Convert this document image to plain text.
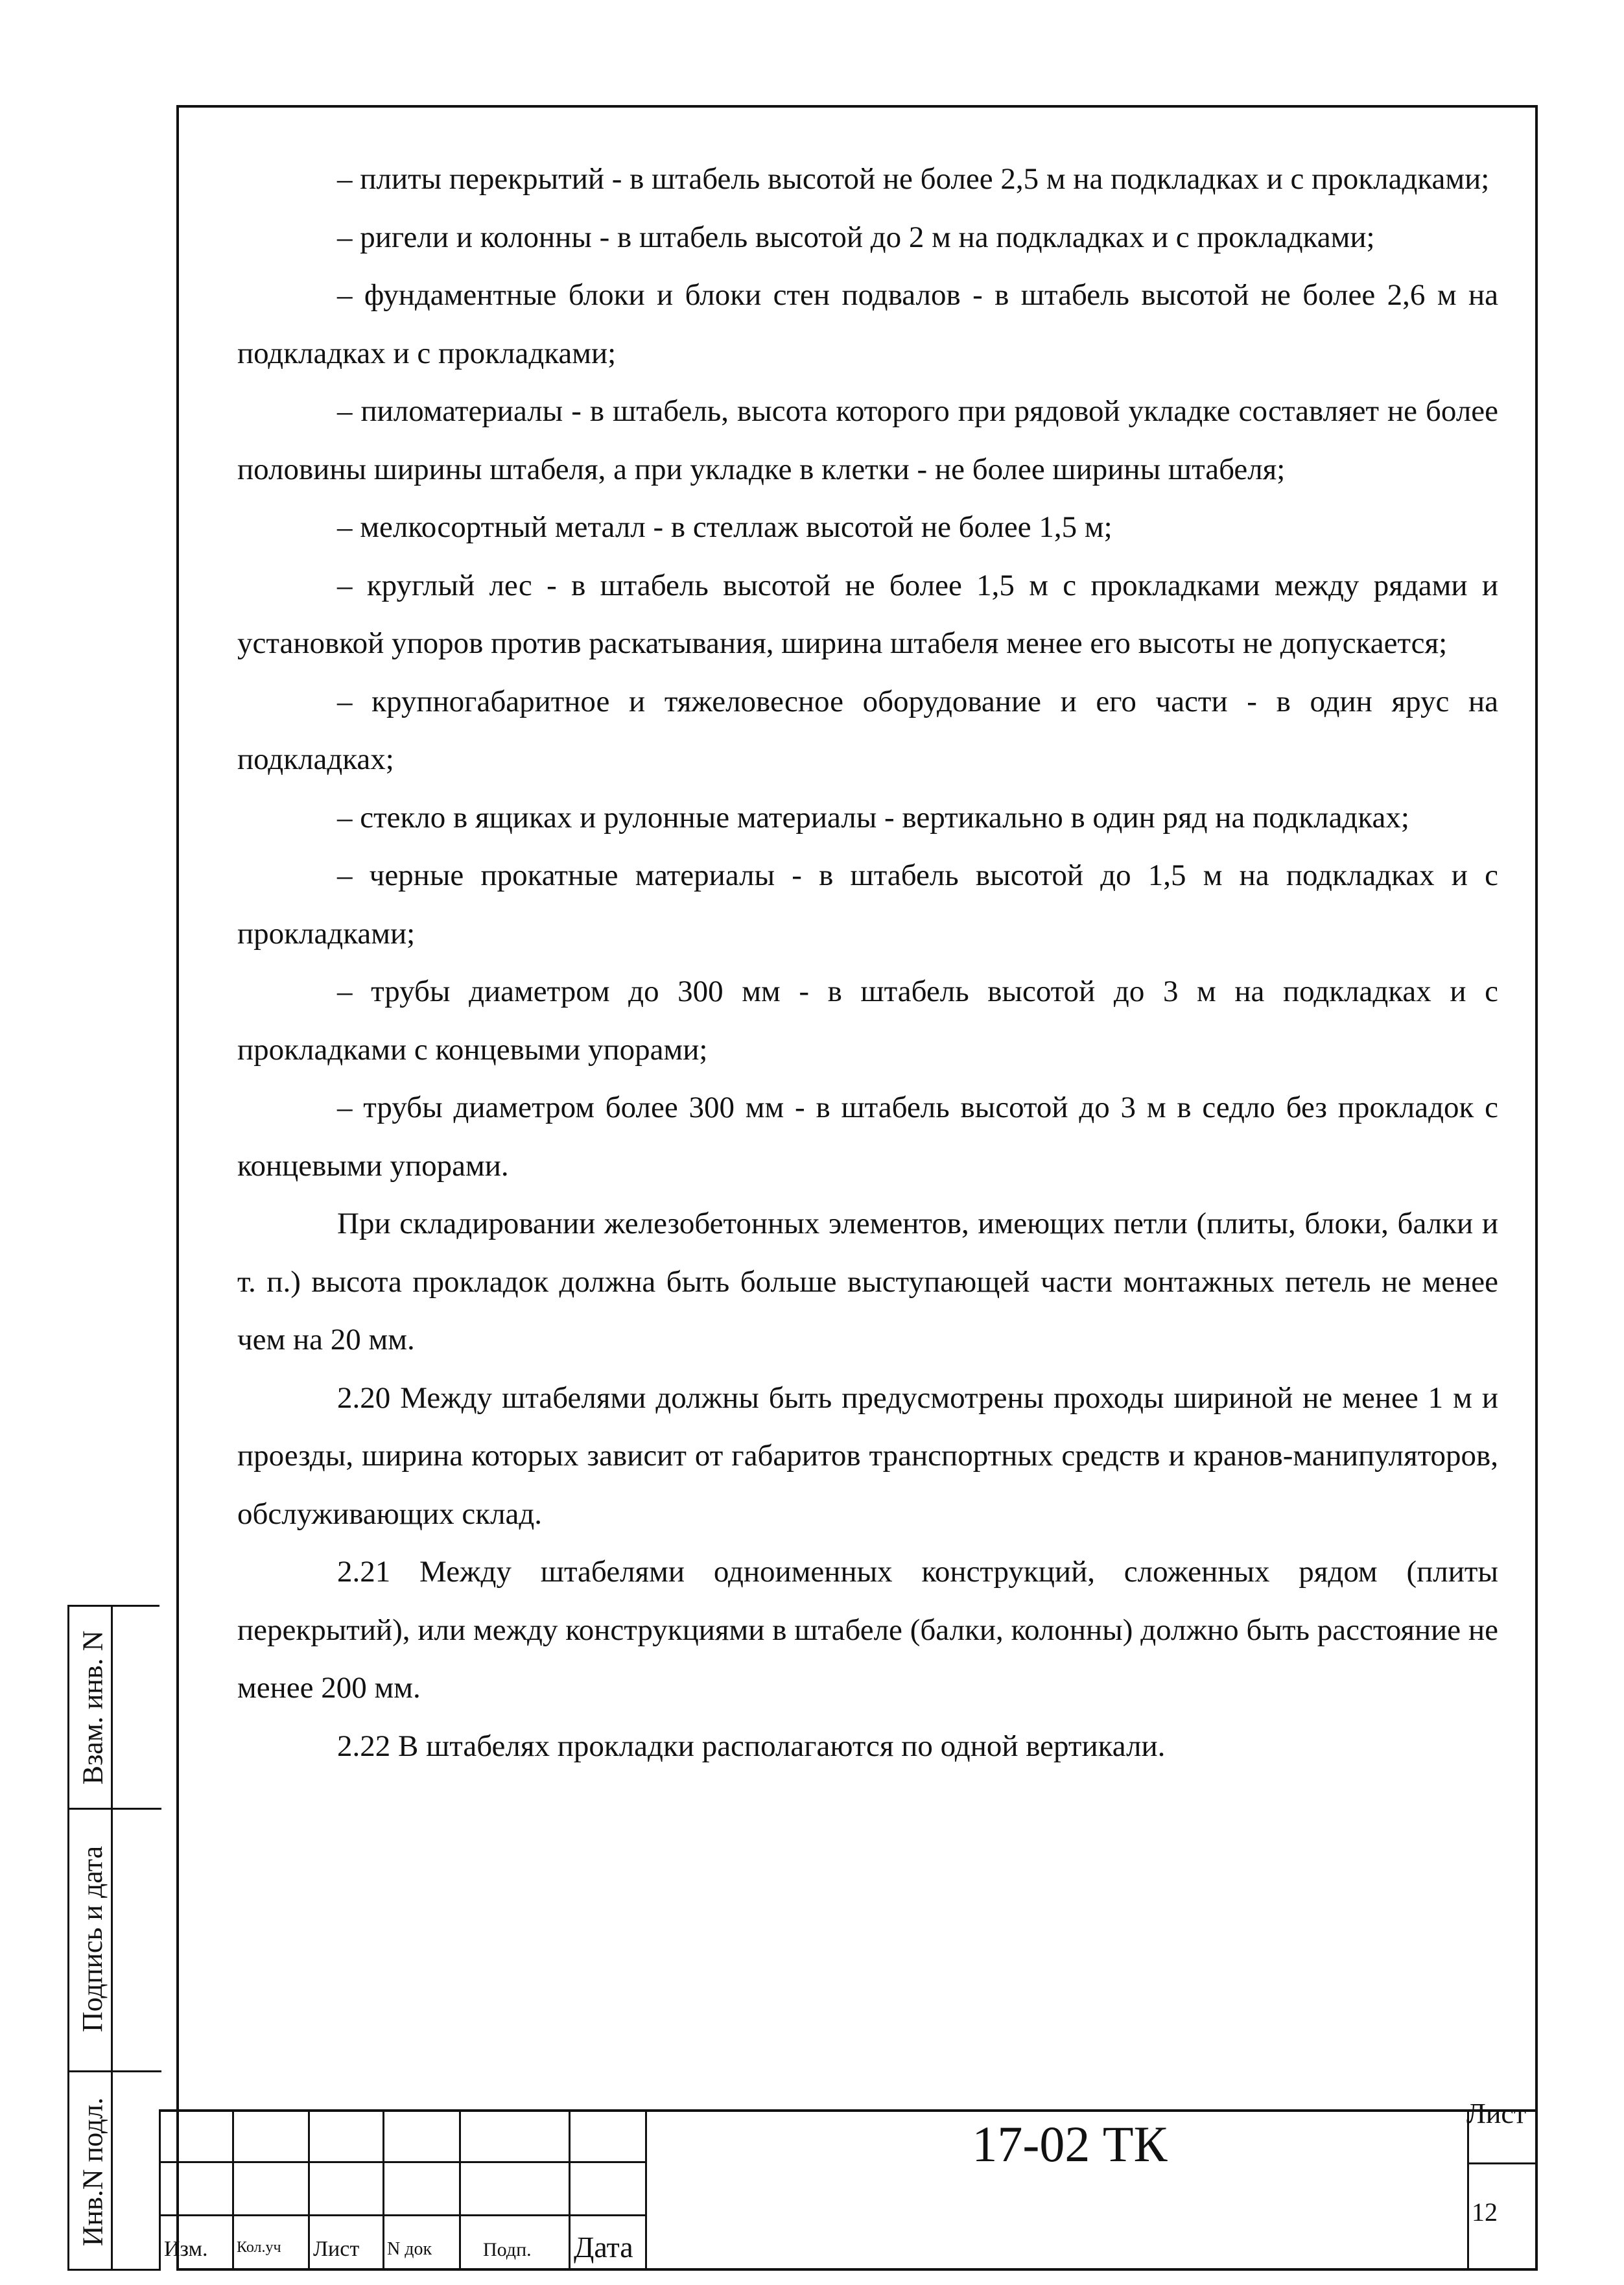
– плиты перекрытий - в штабель высотой не более 2,5 м на подкладках и с прокладками;

– ригели и колонны - в штабель высотой до 2 м на подкладках и с прокладками;

– фундаментные блоки и блоки стен подвалов - в штабель высотой не более 2,6 м на подкладках и с прокладками;

– пиломатериалы - в штабель, высота которого при рядовой укладке составляет не более половины ширины штабеля, а при укладке в клетки - не более ширины штабеля;

– мелкосортный металл - в стеллаж высотой не более 1,5 м;

– круглый лес - в штабель высотой не более 1,5 м с прокладками между рядами и установкой упоров против раскатывания, ширина штабеля менее его высоты не допускается;

– крупногабаритное и тяжеловесное оборудование и его части - в один ярус на подкладках;

– стекло в ящиках и рулонные материалы - вертикально в один ряд на подкладках;

– черные прокатные материалы - в штабель высотой до 1,5 м на подкладках и с прокладками;

– трубы диаметром до 300 мм - в штабель высотой до 3 м на подкладках и с прокладками с концевыми упорами;

– трубы диаметром более 300 мм - в штабель высотой до 3 м в седло без прокладок с концевыми упорами.

При складировании железобетонных элементов, имеющих петли (плиты, блоки, балки и т. п.) высота прокладок должна быть больше выступающей части монтажных петель не менее чем на 20 мм.

2.20 Между штабелями должны быть предусмотрены проходы шириной не менее 1 м и проезды, ширина которых зависит от габаритов транспортных средств и кранов-манипуляторов, обслуживающих склад.

2.21 Между штабелями одноименных конструкций, сложенных рядом (плиты перекрытий), или между конструкциями в штабеле (балки, колонны) должно быть расстояние не менее 200 мм.

2.22 В штабелях прокладки располагаются по одной вертикали.

Взам. инв. N
Подпись и дата
Инв.N подл.
Изм. Кол.уч Лист N док	Подп. Дата
17-02 ТК
Лист
12
